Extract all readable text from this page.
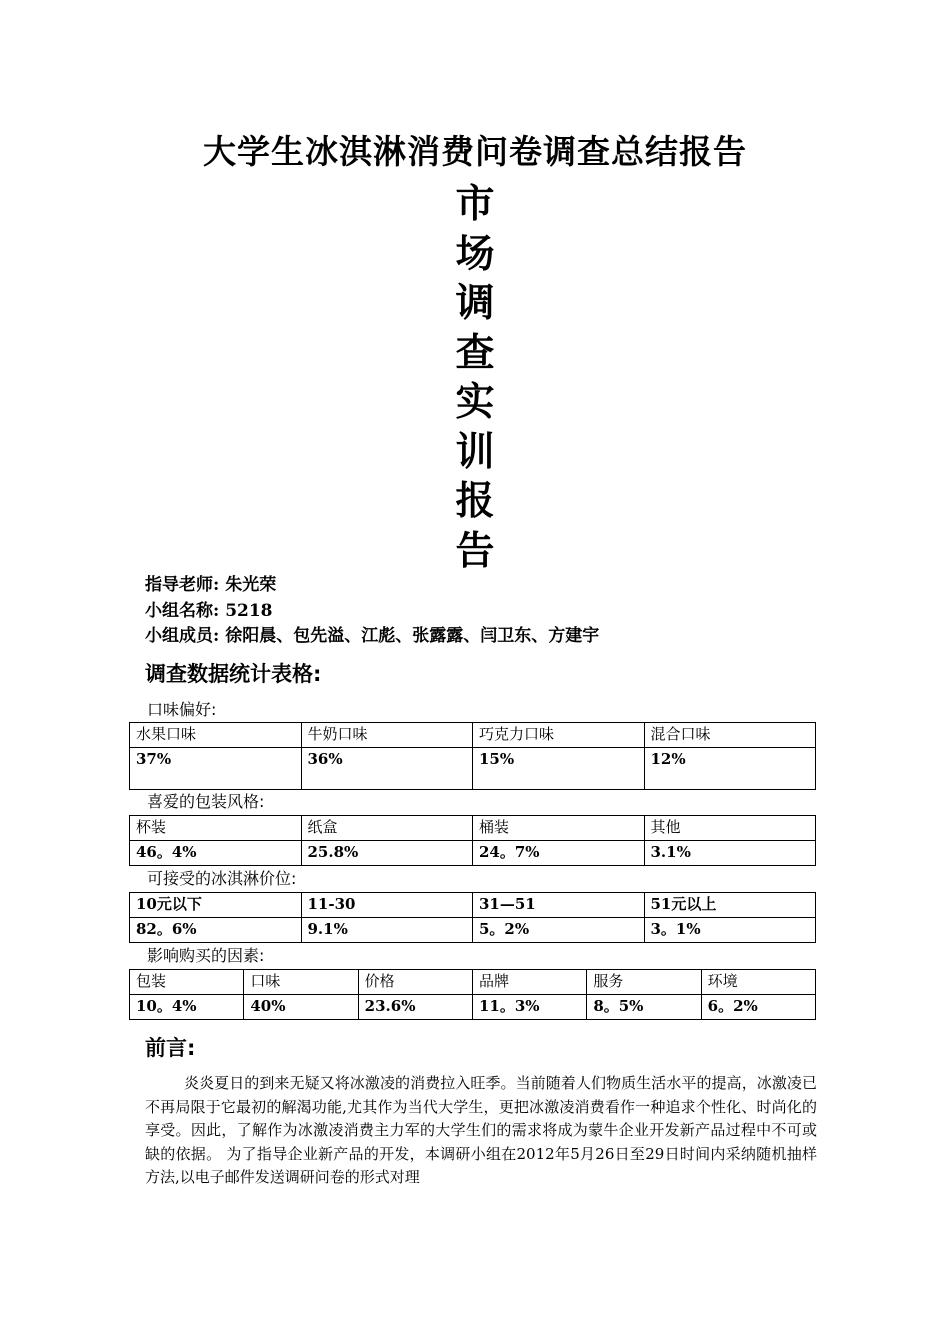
大学生冰淇淋消费问卷调查总结报告
市
场
调
查
实
训
报
告
指导老师: 朱光荣
小组名称: 5218
小组成员: 徐阳晨、包先溢、江彪、张露露、闫卫东、方建宇
调查数据统计表格:
口味偏好:
水果口味	牛奶口味	巧克力口味	混合口味
37%	36%	15%	12%
喜爱的包装风格:
杯装	纸盒	桶装	其他
46。4%	25.8%	24。7%	3.1%
可接受的冰淇淋价位:
10元以下	11-30	31—51	51元以上
82。6%	9.1%	5。2%	3。1%
影响购买的因素:
包装	口味	价格	品牌	服务	环境
10。4%	40%	23.6%	11。3%	8。5%	6。2%
前言:

炎炎夏日的到来无疑又将冰激凌的消费拉入旺季。当前随着人们物质生活水平的提高，冰激凌已不再局限于它最初的解渴功能,尤其作为当代大学生，更把冰激凌消费看作一种追求个性化、时尚化的享受。因此，了解作为冰激凌消费主力军的大学生们的需求将成为蒙牛企业开发新产品过程中不可或缺的依据。 为了指导企业新产品的开发，本调研小组在2012年5月26日至29日时间内采纳随机抽样方法,以电子邮件发送调研问卷的形式对理
